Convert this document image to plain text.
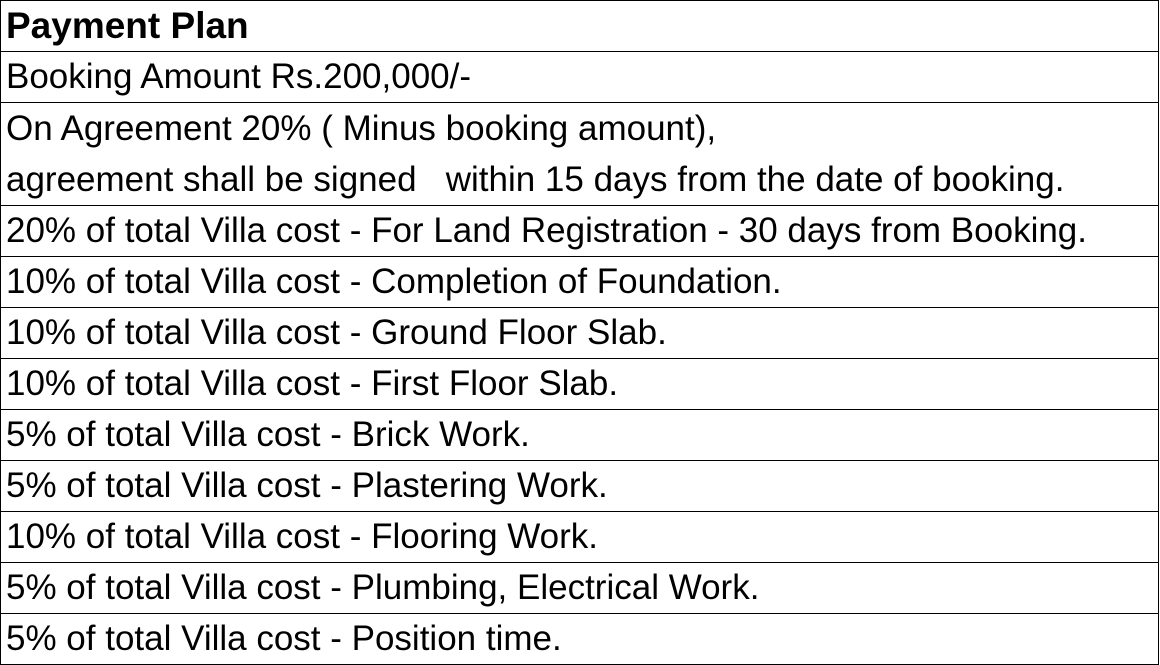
Payment Plan
Booking Amount Rs.200,000/-

On Agreement 20% ( Minus booking amount),
agreement shall be signed   within 15 days from the date of booking.

20% of total Villa cost - For Land Registration - 30 days from Booking.
10% of total Villa cost - Completion of Foundation.
10% of total Villa cost - Ground Floor Slab.
10% of total Villa cost - First Floor Slab.
5% of total Villa cost - Brick Work.
5% of total Villa cost - Plastering Work.
10% of total Villa cost - Flooring Work.
5% of total Villa cost - Plumbing, Electrical Work.
5% of total Villa cost - Position time.
